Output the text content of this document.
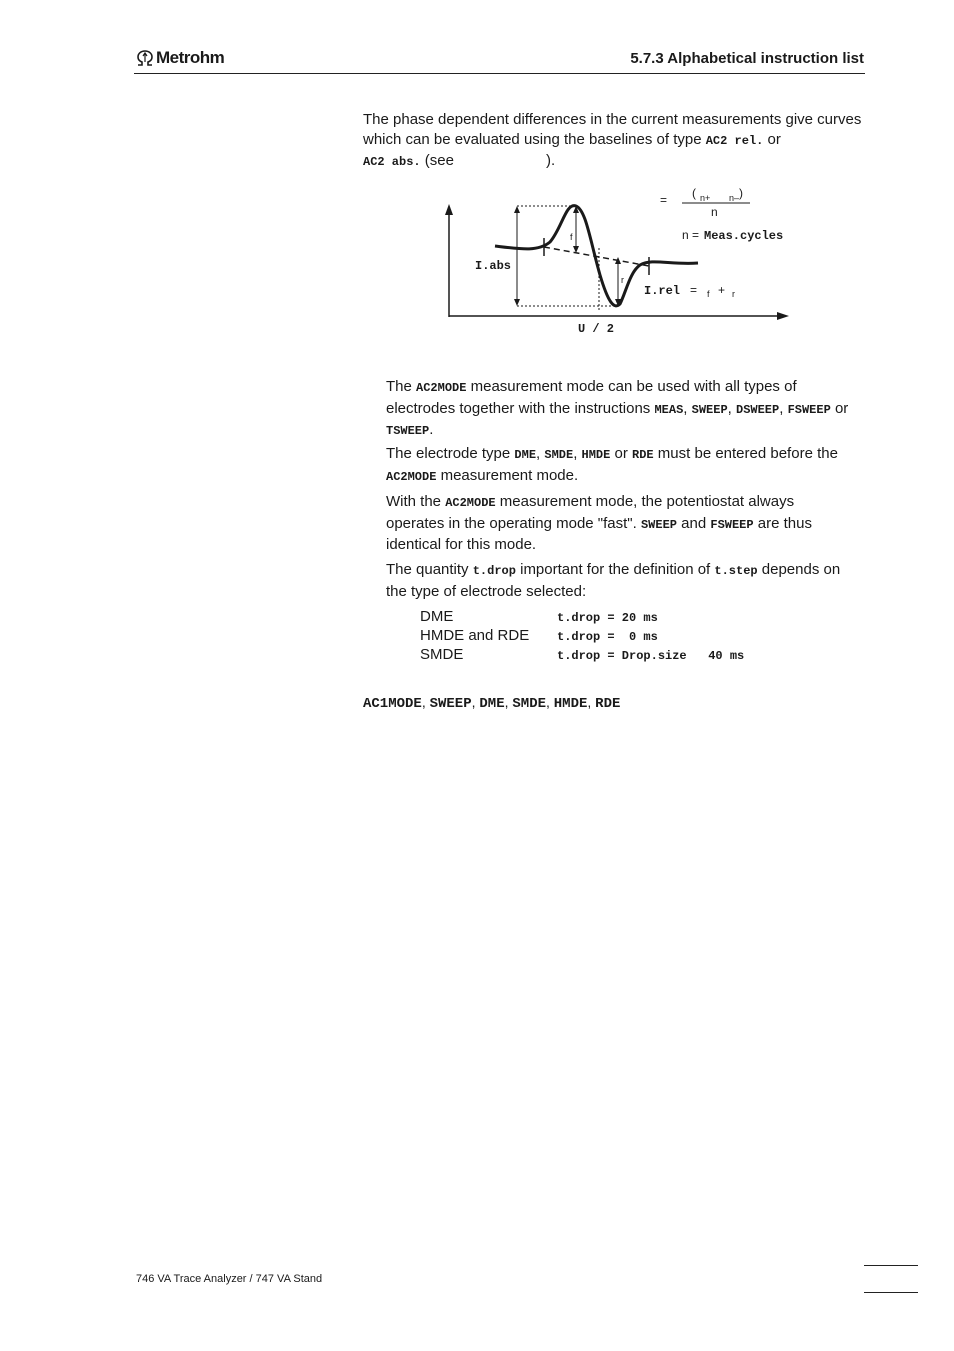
Metrohm	5.7.3 Alphabetical instruction list
The phase dependent differences in the current measurements give curves which can be evaluated using the baselines of type AC2 rel. or
AC2 abs. (see	).
I.abs
f
r
I.rel = f + r
U / 2
= ( n+ n– )
n
n = Meas.cycles
The AC2MODE measurement mode can be used with all types of electrodes together with the instructions MEAS, SWEEP, DSWEEP, FSWEEP or TSWEEP.
The electrode type DME, SMDE, HMDE or RDE must be entered before the AC2MODE measurement mode.
With the AC2MODE measurement mode, the potentiostat always operates in the operating mode "fast". SWEEP and FSWEEP are thus identical for this mode.
The quantity t.drop important for the definition of t.step depends on the type of electrode selected:
DME	t.drop = 20 ms
HMDE and RDE t.drop =  0 ms
SMDE	t.drop = Drop.size   40 ms
AC1MODE, SWEEP, DME, SMDE, HMDE, RDE
746 VA Trace Analyzer / 747 VA Stand
